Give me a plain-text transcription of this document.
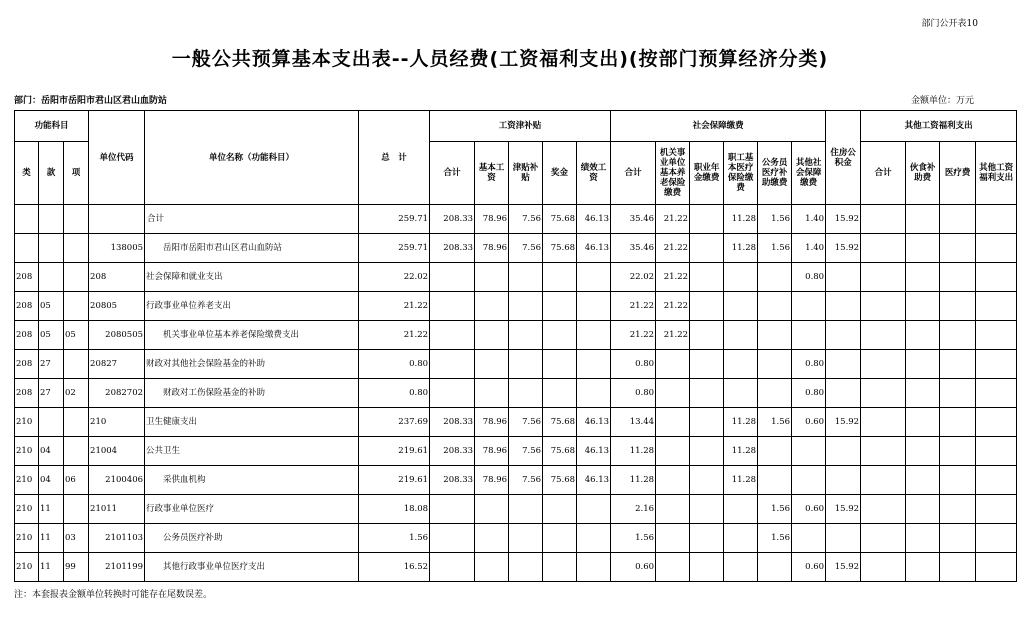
部门公开表10
一般公共预算基本支出表--人员经费(工资福利支出)(按部门预算经济分类)
部门：岳阳市岳阳市君山区君山血防站	金额单位：万元
功能科目			单位代码	单位名称（功能科目）	总　计	工资津补贴					社会保障缴费						住房公积金	其他工资福利支出			
类	款	项				合计	基本工资	津贴补贴	奖金	绩效工资	合计	机关事业单位基本养老保险缴费	职业年金缴费	职工基本医疗保险缴费	公务员医疗补助缴费	其他社会保障缴费		合计	伙食补助费	医疗费	其他工资福利支出
				合计	259.71	208.33	78.96	7.56	75.68	46.13	35.46	21.22		11.28	1.56	1.40	15.92				
			138005	岳阳市岳阳市君山区君山血防站	259.71	208.33	78.96	7.56	75.68	46.13	35.46	21.22		11.28	1.56	1.40	15.92				
208			208	社会保障和就业支出	22.02						22.02	21.22				0.80					
208	05		20805	行政事业单位养老支出	21.22						21.22	21.22									
208	05	05	2080505	机关事业单位基本养老保险缴费支出	21.22						21.22	21.22									
208	27		20827	财政对其他社会保险基金的补助	0.80						0.80					0.80					
208	27	02	2082702	财政对工伤保险基金的补助	0.80						0.80					0.80					
210			210	卫生健康支出	237.69	208.33	78.96	7.56	75.68	46.13	13.44			11.28	1.56	0.60	15.92				
210	04		21004	公共卫生	219.61	208.33	78.96	7.56	75.68	46.13	11.28			11.28							
210	04	06	2100406	采供血机构	219.61	208.33	78.96	7.56	75.68	46.13	11.28			11.28							
210	11		21011	行政事业单位医疗	18.08						2.16				1.56	0.60	15.92				
210	11	03	2101103	公务员医疗补助	1.56						1.56				1.56						
210	11	99	2101199	其他行政事业单位医疗支出	16.52						0.60					0.60	15.92				
注：本套报表金额单位转换时可能存在尾数误差。
